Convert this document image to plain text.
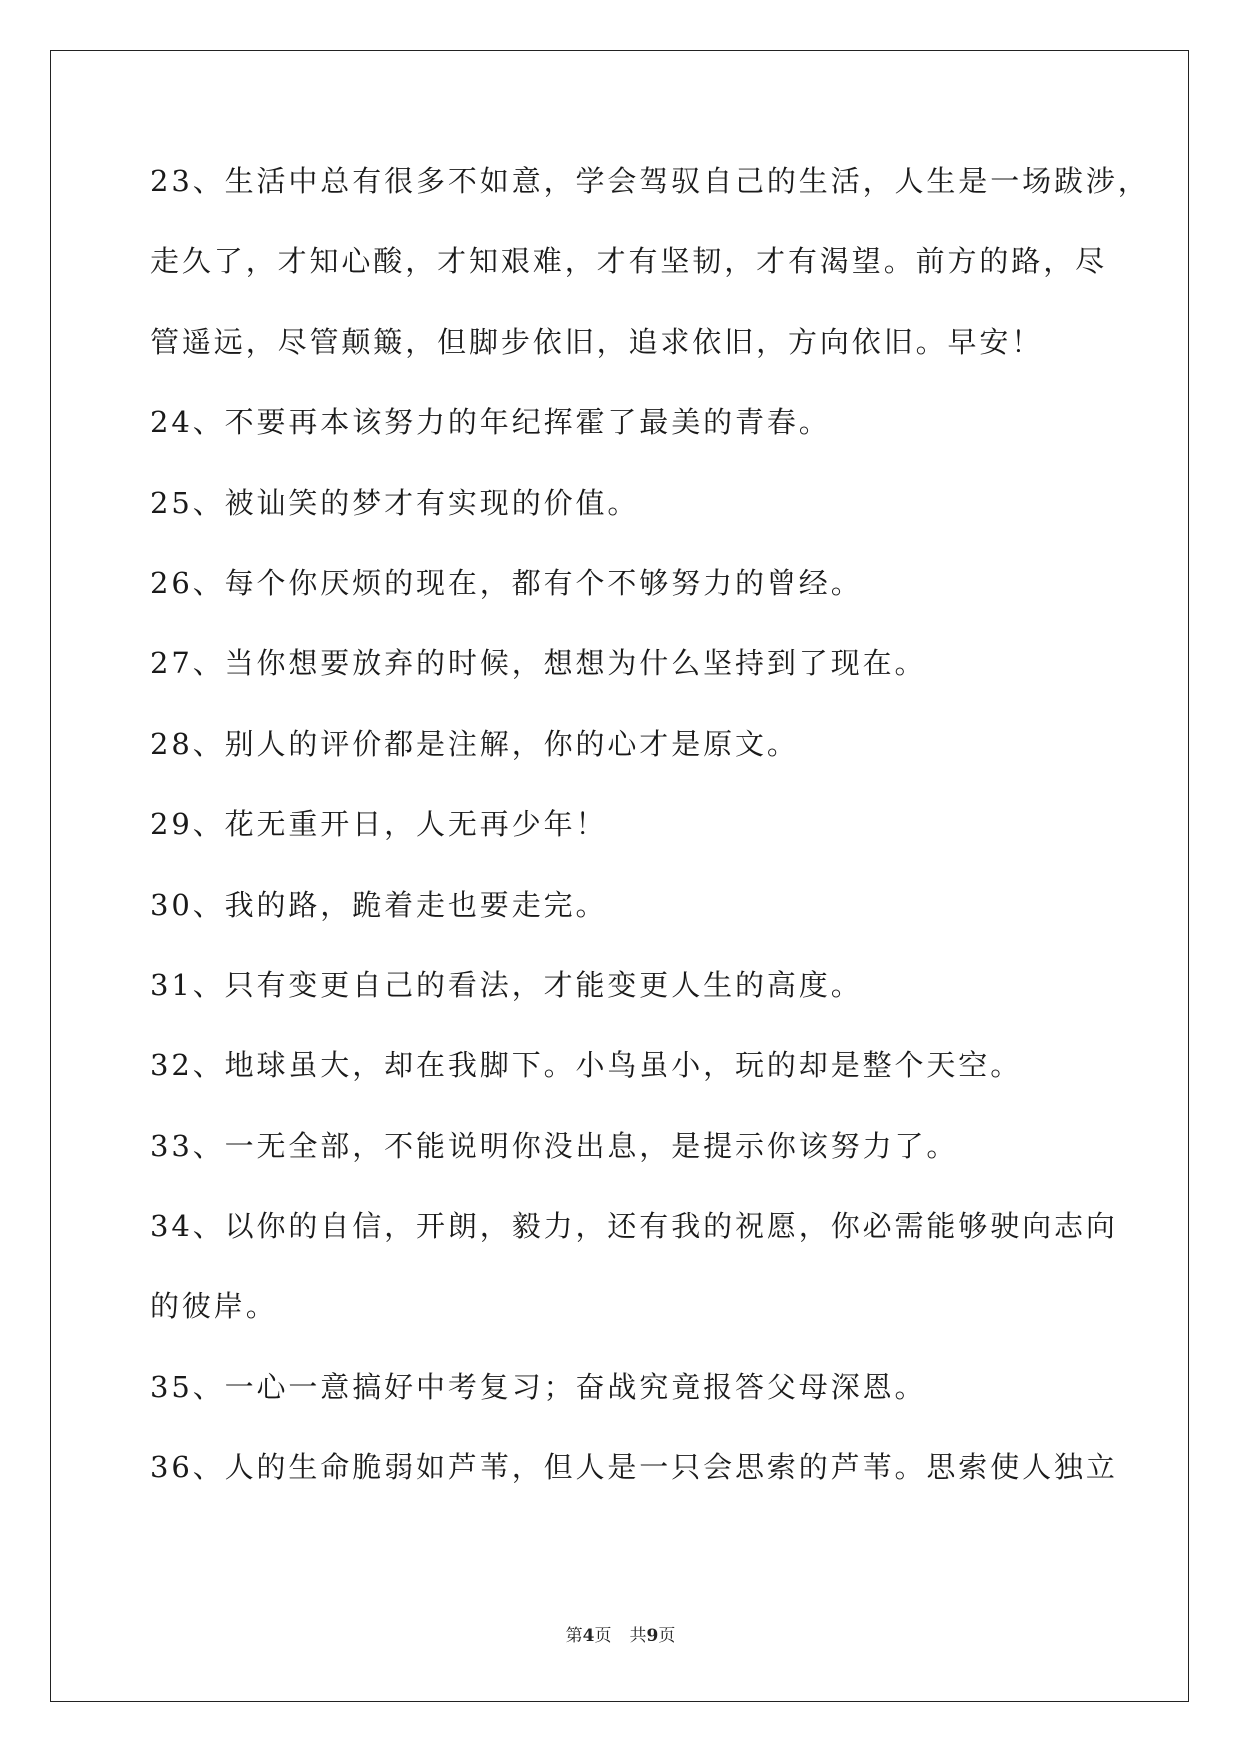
23、生活中总有很多不如意，学会驾驭自己的生活，人生是一场跋涉，
走久了，才知心酸，才知艰难，才有坚韧，才有渴望。前方的路，尽
管遥远，尽管颠簸，但脚步依旧，追求依旧，方向依旧。早安！
24、不要再本该努力的年纪挥霍了最美的青春。
25、被讪笑的梦才有实现的价值。
26、每个你厌烦的现在，都有个不够努力的曾经。
27、当你想要放弃的时候，想想为什么坚持到了现在。
28、别人的评价都是注解，你的心才是原文。
29、花无重开日，人无再少年！
30、我的路，跪着走也要走完。
31、只有变更自己的看法，才能变更人生的高度。
32、地球虽大，却在我脚下。小鸟虽小，玩的却是整个天空。
33、一无全部，不能说明你没出息，是提示你该努力了。
34、以你的自信，开朗，毅力，还有我的祝愿，你必需能够驶向志向
的彼岸。
35、一心一意搞好中考复习；奋战究竟报答父母深恩。
36、人的生命脆弱如芦苇，但人是一只会思索的芦苇。思索使人独立
第4页 共9页
